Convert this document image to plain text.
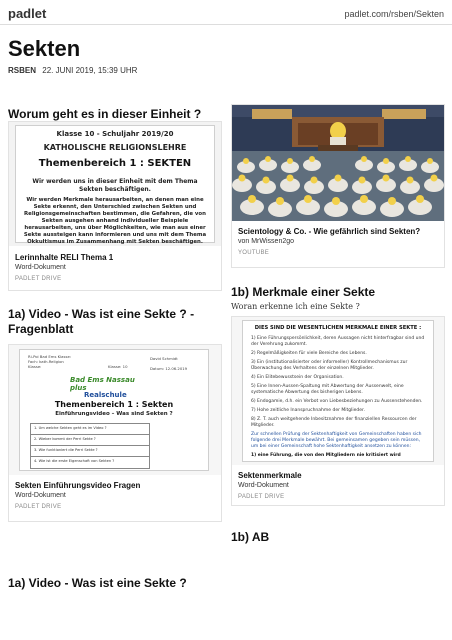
padlet	padlet.com/rsben/Sekten
Sekten
RSBEN 22. JUNI 2019, 15:39 UHR
Worum geht es in dieser Einheit ?
Klasse 10 - Schuljahr 2019/20
KATHOLISCHE RELIGIONSLEHRE
Themenbereich 1 : SEKTEN
Wir werden uns in dieser Einheit mit dem Thema Sekten beschäftigen.
Wir werden Merkmale herausarbeiten, an denen man eine Sekte erkennt, den Unterschied zwischen Sekten und Religionsgemeinschaften bestimmen, die Gefahren, die von Sekten ausgehen anhand individueller Beispiele herausarbeiten, uns über Möglichkeiten, wie man aus einer Sekte aussteigen kann informieren und uns mit dem Thema Okkultismus im Zusammenhang mit Sekten beschäftigen.
Lerinnhalte RELI Thema 1
Word-Dokument
PADLET DRIVE
1a) Video - Was ist eine Sekte ? - Fragenblatt
Ri-Poi Bad Ems Klasse:
Fach: kath.Religion
Klasse:	Klasse: 10
David Schmidt
Datum: 12.06.2019
Bad Ems Nassau plus
Realschule
Themenbereich 1 : Sekten
Einführungsvideo – Was sind Sekten ?
1. Um welche Sekten geht es im Video ?
2. Wieber kommt der Perri Sekte ?
3. Wie funktioniert die Perri Sekte ?
4. Wie ist die erste Eigenschaft von Sekten ?
Sekten Einführungsvideo Fragen
Word-Dokument
PADLET DRIVE
1a) Video - Was ist eine Sekte ?
Scientology & Co. - Wie gefährlich sind Sekten?
von MrWissen2go
YOUTUBE
1b) Merkmale einer Sekte
Woran erkenne ich eine Sekte ?
DIES SIND DIE WESENTLICHEN MERKMALE EINER SEKTE :
1) Eine Führungspersönlichkeit, deren Aussagen nicht hinterfragbar sind und der Verehrung zukommt.
2) Regelmäßigkeiten für viele Bereiche des Lebens.
3) Ein (institutionalisierter oder informeller) Kontrollmechanismus zur Überwachung des Verhaltens der einzelnen Mitglieder.
4) Ein Elitebewusstsein der Organisation.
5) Eine Innen-Aussen-Spaltung mit Abwertung der Aussenwelt, eine systematische Abwertung des bisherigen Lebens.
6) Endogamie, d.h. ein Verbot von Liebesbeziehungen zu Aussenstehenden.
7) Hohe zeitliche Inanspruchnahme der Mitglieder.
8) Z. T. auch weitgehende Inbesitznahme der finanziellen Ressourcen der Mitglieder.
Zur schnellen Prüfung der Sektenhaftigkeit von Gemeinschaften haben sich folgende drei Merkmale bewährt. Bei gemeinsamen gegeben sein müssen, um bei einer Gemeinschaft hohe Sektenhaftigkeit ansetzen zu können:
1) eine Führung, die von den Mitgliedern nie kritisiert wird
Sektenmerkmale
Word-Dokument
PADLET DRIVE
1b) AB
